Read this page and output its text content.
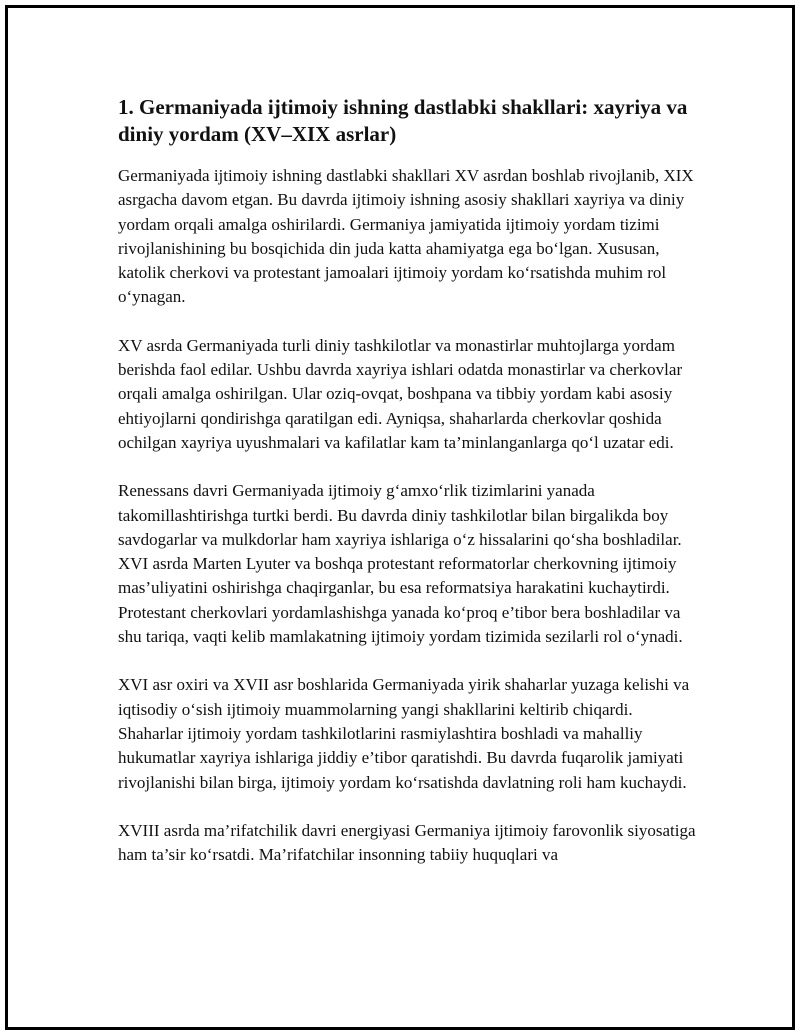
1. Germaniyada ijtimoiy ishning dastlabki shakllari: xayriya va diniy yordam (XV–XIX asrlar)

Germaniyada ijtimoiy ishning dastlabki shakllari XV asrdan boshlab rivojlanib, XIX asrgacha davom etgan. Bu davrda ijtimoiy ishning asosiy shakllari xayriya va diniy yordam orqali amalga oshirilardi. Germaniya jamiyatida ijtimoiy yordam tizimi rivojlanishining bu bosqichida din juda katta ahamiyatga ega bo‘lgan. Xususan, katolik cherkovi va protestant jamoalari ijtimoiy yordam ko‘rsatishda muhim rol o‘ynagan.

XV asrda Germaniyada turli diniy tashkilotlar va monastirlar muhtojlarga yordam berishda faol edilar. Ushbu davrda xayriya ishlari odatda monastirlar va cherkovlar orqali amalga oshirilgan. Ular oziq-ovqat, boshpana va tibbiy yordam kabi asosiy ehtiyojlarni qondirishga qaratilgan edi. Ayniqsa, shaharlarda cherkovlar qoshida ochilgan xayriya uyushmalari va kafilatlar kam ta’minlanganlarga qo‘l uzatar edi.

Renessans davri Germaniyada ijtimoiy g‘amxo‘rlik tizimlarini yanada takomillashtirishga turtki berdi. Bu davrda diniy tashkilotlar bilan birgalikda boy savdogarlar va mulkdorlar ham xayriya ishlariga o‘z hissalarini qo‘sha boshladilar. XVI asrda Marten Lyuter va boshqa protestant reformatorlar cherkovning ijtimoiy mas’uliyatini oshirishga chaqirganlar, bu esa reformatsiya harakatini kuchaytirdi. Protestant cherkovlari yordamlashishga yanada ko‘proq e’tibor bera boshladilar va shu tariqa, vaqti kelib mamlakatning ijtimoiy yordam tizimida sezilarli rol o‘ynadi.

XVI asr oxiri va XVII asr boshlarida Germaniyada yirik shaharlar yuzaga kelishi va iqtisodiy o‘sish ijtimoiy muammolarning yangi shakllarini keltirib chiqardi. Shaharlar ijtimoiy yordam tashkilotlarini rasmiylashtira boshladi va mahalliy hukumatlar xayriya ishlariga jiddiy e’tibor qaratishdi. Bu davrda fuqarolik jamiyati rivojlanishi bilan birga, ijtimoiy yordam ko‘rsatishda davlatning roli ham kuchaydi.

XVIII asrda ma’rifatchilik davri energiyasi Germaniya ijtimoiy farovonlik siyosatiga ham ta’sir ko‘rsatdi. Ma’rifatchilar insonning tabiiy huquqlari va
